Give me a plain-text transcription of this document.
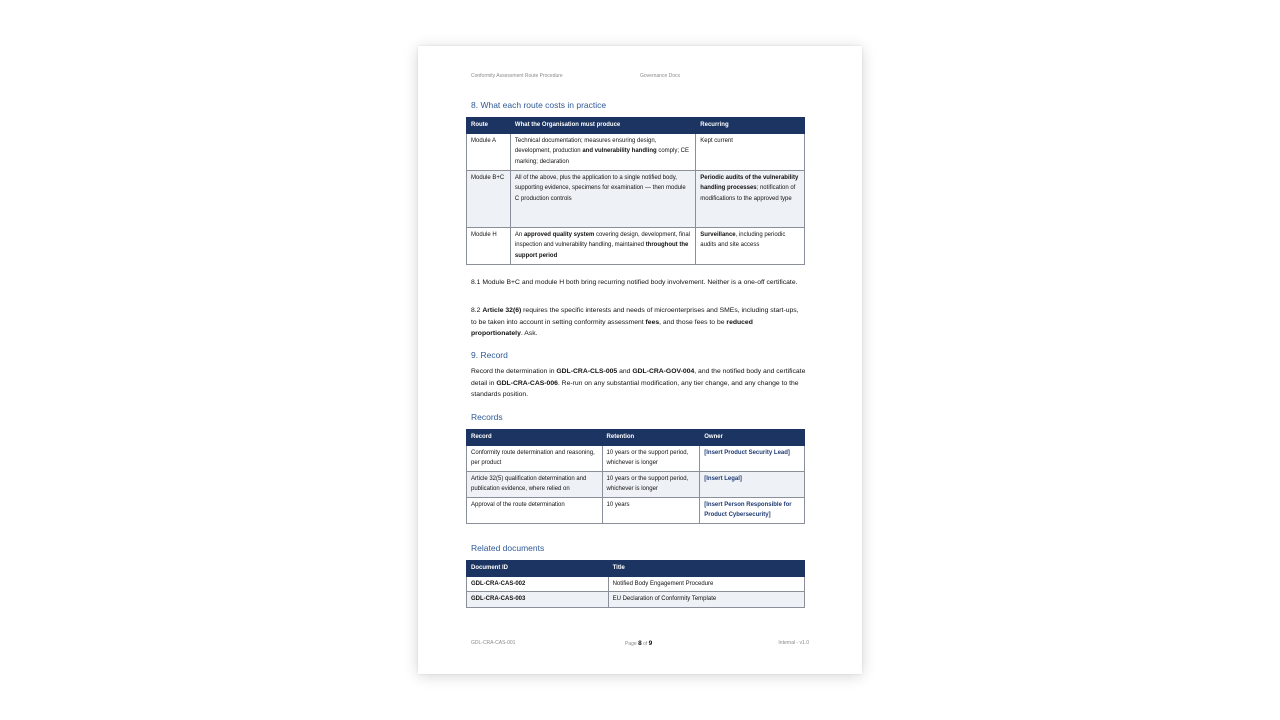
Conformity Assessment Route Procedure	Governance Docs
8. What each route costs in practice
Route	What the Organisation must produce	Recurring
Module A	Technical documentation; measures ensuring design, development, production and vulnerability handling comply; CE marking; declaration	Kept current
Module B+C	All of the above, plus the application to a single notified body, supporting evidence, specimens for examination — then module C production controls	Periodic audits of the vulnerability handling processes; notification of modifications to the approved type
Module H	An approved quality system covering design, development, final inspection and vulnerability handling, maintained throughout the support period	Surveillance, including periodic audits and site access

8.1 Module B+C and module H both bring recurring notified body involvement. Neither is a one-off certificate.

8.2 Article 32(6) requires the specific interests and needs of microenterprises and SMEs, including start-ups, to be taken into account in setting conformity assessment fees, and those fees to be reduced proportionately. Ask.

9. Record

Record the determination in GDL-CRA-CLS-005 and GDL-CRA-GOV-004, and the notified body and certificate detail in GDL-CRA-CAS-006. Re-run on any substantial modification, any tier change, and any change to the standards position.

Records
Record	Retention	Owner
Conformity route determination and reasoning, per product	10 years or the support period, whichever is longer	[Insert Product Security Lead]
Article 32(5) qualification determination and publication evidence, where relied on	10 years or the support period, whichever is longer	[Insert Legal]
Approval of the route determination	10 years	[Insert Person Responsible for Product Cybersecurity]
Related documents
Document ID	Title
GDL-CRA-CAS-002	Notified Body Engagement Procedure
GDL-CRA-CAS-003	EU Declaration of Conformity Template
GDL-CRA-CAS-001	Page 8 of 9	Internal - v1.0
